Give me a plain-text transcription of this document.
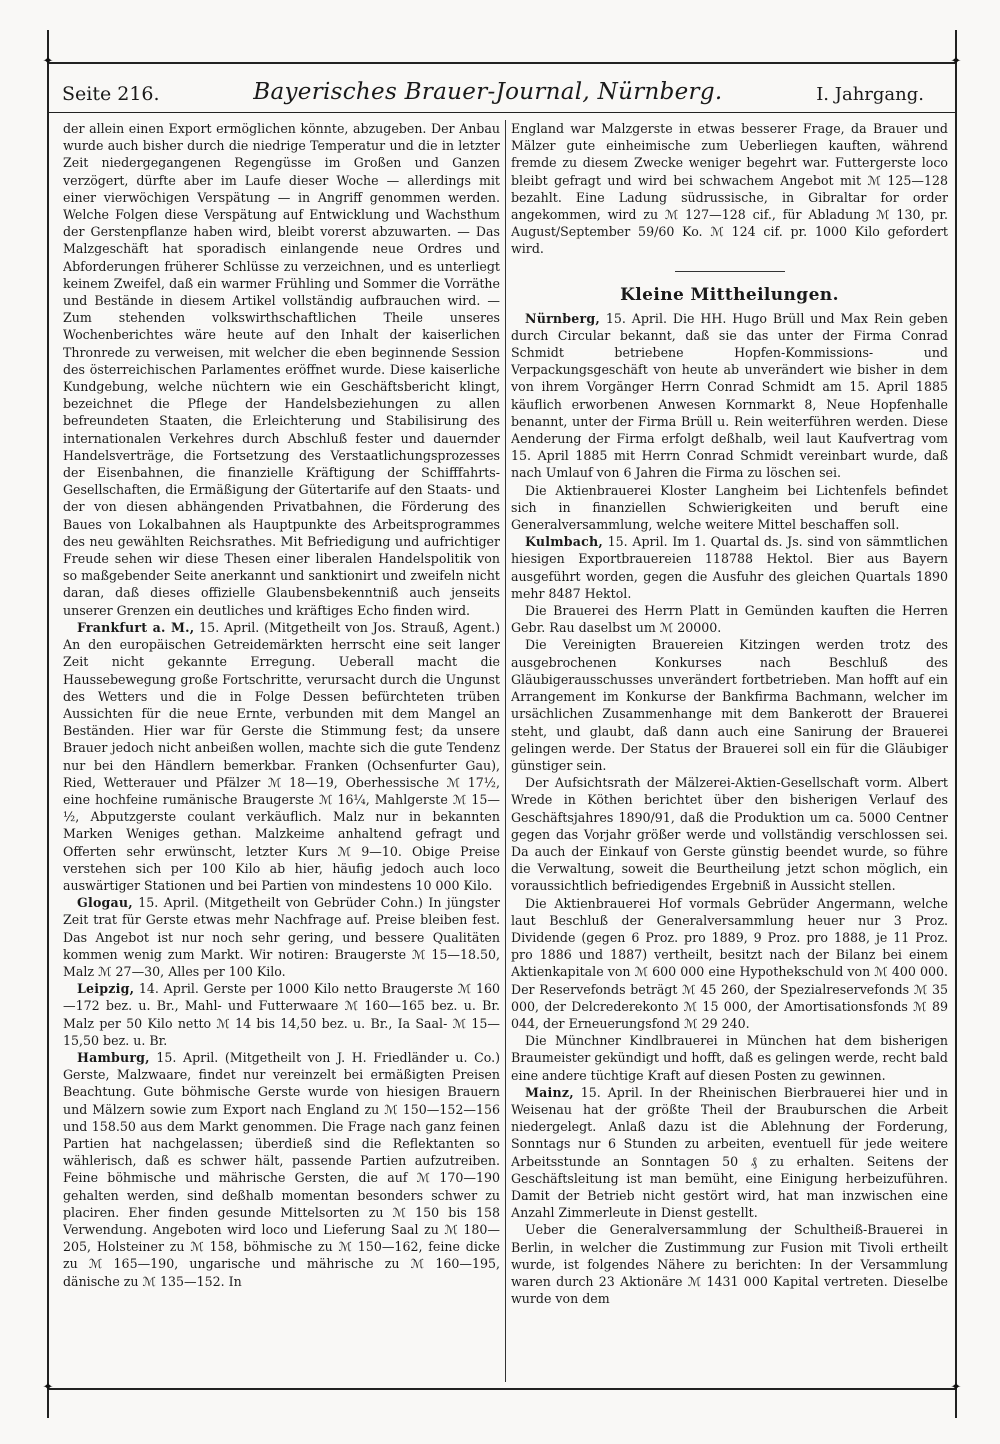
✦	✦
✦	✦
Seite 216.	Bayerisches Brauer-Journal, Nürnberg.	I. Jahrgang.

der allein einen Export ermöglichen könnte, abzugeben. Der Anbau wurde auch bisher durch die niedrige Temperatur und die in letzter Zeit niedergegangenen Regengüsse im Großen und Ganzen verzögert, dürfte aber im Laufe dieser Woche — allerdings mit einer vierwöchigen Verspätung — in Angriff genommen werden. Welche Folgen diese Verspätung auf Entwicklung und Wachsthum der Gerstenpflanze haben wird, bleibt vorerst abzuwarten. — Das Malzgeschäft hat sporadisch einlangende neue Ordres und Abforderungen früherer Schlüsse zu verzeichnen, und es unterliegt keinem Zweifel, daß ein warmer Frühling und Sommer die Vorräthe und Bestände in diesem Artikel vollständig aufbrauchen wird. — Zum stehenden volkswirthschaftlichen Theile unseres Wochenberichtes wäre heute auf den Inhalt der kaiserlichen Thronrede zu verweisen, mit welcher die eben beginnende Session des österreichischen Parlamentes eröffnet wurde. Diese kaiserliche Kundgebung, welche nüchtern wie ein Geschäftsbericht klingt, bezeichnet die Pflege der Handelsbeziehungen zu allen befreundeten Staaten, die Erleichterung und Stabilisirung des internationalen Verkehres durch Abschluß fester und dauernder Handelsverträge, die Fortsetzung des Verstaatlichungsprozesses der Eisenbahnen, die finanzielle Kräftigung der Schifffahrts-Gesellschaften, die Ermäßigung der Gütertarife auf den Staats- und der von diesen abhängenden Privatbahnen, die Förderung des Baues von Lokalbahnen als Hauptpunkte des Arbeitsprogrammes des neu gewählten Reichsrathes. Mit Befriedigung und aufrichtiger Freude sehen wir diese Thesen einer liberalen Handelspolitik von so maßgebender Seite anerkannt und sanktionirt und zweifeln nicht daran, daß dieses offizielle Glaubensbekenntniß auch jenseits unserer Grenzen ein deutliches und kräftiges Echo finden wird.

Frankfurt a. M., 15. April. (Mitgetheilt von Jos. Strauß, Agent.) An den europäischen Getreidemärkten herrscht eine seit langer Zeit nicht gekannte Erregung. Ueberall macht die Haussebewegung große Fortschritte, verursacht durch die Ungunst des Wetters und die in Folge Dessen befürchteten trüben Aussichten für die neue Ernte, verbunden mit dem Mangel an Beständen. Hier war für Gerste die Stimmung fest; da unsere Brauer jedoch nicht anbeißen wollen, machte sich die gute Tendenz nur bei den Händlern bemerkbar. Franken (Ochsenfurter Gau), Ried, Wetterauer und Pfälzer ℳ 18—19, Oberhessische ℳ 17½, eine hochfeine rumänische Braugerste ℳ 16¼, Mahlgerste ℳ 15—½, Abputzgerste coulant verkäuflich. Malz nur in bekannten Marken Weniges gethan. Malzkeime anhaltend gefragt und Offerten sehr erwünscht, letzter Kurs ℳ 9—10. Obige Preise verstehen sich per 100 Kilo ab hier, häufig jedoch auch loco auswärtiger Stationen und bei Partien von mindestens 10 000 Kilo.

Glogau, 15. April. (Mitgetheilt von Gebrüder Cohn.) In jüngster Zeit trat für Gerste etwas mehr Nachfrage auf. Preise bleiben fest. Das Angebot ist nur noch sehr gering, und bessere Qualitäten kommen wenig zum Markt. Wir notiren: Braugerste ℳ 15—18.50, Malz ℳ 27—30, Alles per 100 Kilo.

Leipzig, 14. April. Gerste per 1000 Kilo netto Braugerste ℳ 160—172 bez. u. Br., Mahl- und Futterwaare ℳ 160—165 bez. u. Br. Malz per 50 Kilo netto ℳ 14 bis 14,50 bez. u. Br., Ia Saal- ℳ 15—15,50 bez. u. Br.

Hamburg, 15. April. (Mitgetheilt von J. H. Friedländer u. Co.) Gerste, Malzwaare, findet nur vereinzelt bei ermäßigten Preisen Beachtung. Gute böhmische Gerste wurde von hiesigen Brauern und Mälzern sowie zum Export nach England zu ℳ 150—152—156 und 158.50 aus dem Markt genommen. Die Frage nach ganz feinen Partien hat nachgelassen; überdieß sind die Reflektanten so wählerisch, daß es schwer hält, passende Partien aufzutreiben. Feine böhmische und mährische Gersten, die auf ℳ 170—190 gehalten werden, sind deßhalb momentan besonders schwer zu placiren. Eher finden gesunde Mittelsorten zu ℳ 150 bis 158 Verwendung. Angeboten wird loco und Lieferung Saal zu ℳ 180—205, Holsteiner zu ℳ 158, böhmische zu ℳ 150—162, feine dicke zu ℳ 165—190, ungarische und mährische zu ℳ 160—195, dänische zu ℳ 135—152. In

England war Malzgerste in etwas besserer Frage, da Brauer und Mälzer gute einheimische zum Ueberliegen kauften, während fremde zu diesem Zwecke weniger begehrt war. Futtergerste loco bleibt gefragt und wird bei schwachem Angebot mit ℳ 125—128 bezahlt. Eine Ladung südrussische, in Gibraltar for order angekommen, wird zu ℳ 127—128 cif., für Abladung ℳ 130, pr. August/September 59/60 Ko. ℳ 124 cif. pr. 1000 Kilo gefordert wird.

Kleine Mittheilungen.

Nürnberg, 15. April. Die HH. Hugo Brüll und Max Rein geben durch Circular bekannt, daß sie das unter der Firma Conrad Schmidt betriebene Hopfen-Kommissions- und Verpackungsgeschäft von heute ab unverändert wie bisher in dem von ihrem Vorgänger Herrn Conrad Schmidt am 15. April 1885 käuflich erworbenen Anwesen Kornmarkt 8, Neue Hopfenhalle benannt, unter der Firma Brüll u. Rein weiterführen werden. Diese Aenderung der Firma erfolgt deßhalb, weil laut Kaufvertrag vom 15. April 1885 mit Herrn Conrad Schmidt vereinbart wurde, daß nach Umlauf von 6 Jahren die Firma zu löschen sei.

Die Aktienbrauerei Kloster Langheim bei Lichtenfels befindet sich in finanziellen Schwierigkeiten und beruft eine Generalversammlung, welche weitere Mittel beschaffen soll.

Kulmbach, 15. April. Im 1. Quartal ds. Js. sind von sämmtlichen hiesigen Exportbrauereien 118788 Hektol. Bier aus Bayern ausgeführt worden, gegen die Ausfuhr des gleichen Quartals 1890 mehr 8487 Hektol.

Die Brauerei des Herrn Platt in Gemünden kauften die Herren Gebr. Rau daselbst um ℳ 20000.

Die Vereinigten Brauereien Kitzingen werden trotz des ausgebrochenen Konkurses nach Beschluß des Gläubigerausschusses unverändert fortbetrieben. Man hofft auf ein Arrangement im Konkurse der Bankfirma Bachmann, welcher im ursächlichen Zusammenhange mit dem Bankerott der Brauerei steht, und glaubt, daß dann auch eine Sanirung der Brauerei gelingen werde. Der Status der Brauerei soll ein für die Gläubiger günstiger sein.

Der Aufsichtsrath der Mälzerei-Aktien-Gesellschaft vorm. Albert Wrede in Köthen berichtet über den bisherigen Verlauf des Geschäftsjahres 1890/91, daß die Produktion um ca. 5000 Centner gegen das Vorjahr größer werde und vollständig verschlossen sei. Da auch der Einkauf von Gerste günstig beendet wurde, so führe die Verwaltung, soweit die Beurtheilung jetzt schon möglich, ein voraussichtlich befriedigendes Ergebniß in Aussicht stellen.

Die Aktienbrauerei Hof vormals Gebrüder Angermann, welche laut Beschluß der Generalversammlung heuer nur 3 Proz. Dividende (gegen 6 Proz. pro 1889, 9 Proz. pro 1888, je 11 Proz. pro 1886 und 1887) vertheilt, besitzt nach der Bilanz bei einem Aktienkapitale von ℳ 600 000 eine Hypothekschuld von ℳ 400 000. Der Reservefonds beträgt ℳ 45 260, der Spezialreservefonds ℳ 35 000, der Delcrederekonto ℳ 15 000, der Amortisationsfonds ℳ 89 044, der Erneuerungsfond ℳ 29 240.

Die Münchner Kindlbrauerei in München hat dem bisherigen Braumeister gekündigt und hofft, daß es gelingen werde, recht bald eine andere tüchtige Kraft auf diesen Posten zu gewinnen.

Mainz, 15. April. In der Rheinischen Bierbrauerei hier und in Weisenau hat der größte Theil der Brauburschen die Arbeit niedergelegt. Anlaß dazu ist die Ablehnung der Forderung, Sonntags nur 6 Stunden zu arbeiten, eventuell für jede weitere Arbeitsstunde an Sonntagen 50 ₰ zu erhalten. Seitens der Geschäftsleitung ist man bemüht, eine Einigung herbeizuführen. Damit der Betrieb nicht gestört wird, hat man inzwischen eine Anzahl Zimmerleute in Dienst gestellt.

Ueber die Generalversammlung der Schultheiß-Brauerei in Berlin, in welcher die Zustimmung zur Fusion mit Tivoli ertheilt wurde, ist folgendes Nähere zu berichten: In der Versammlung waren durch 23 Aktionäre ℳ 1431 000 Kapital vertreten. Dieselbe wurde von dem
